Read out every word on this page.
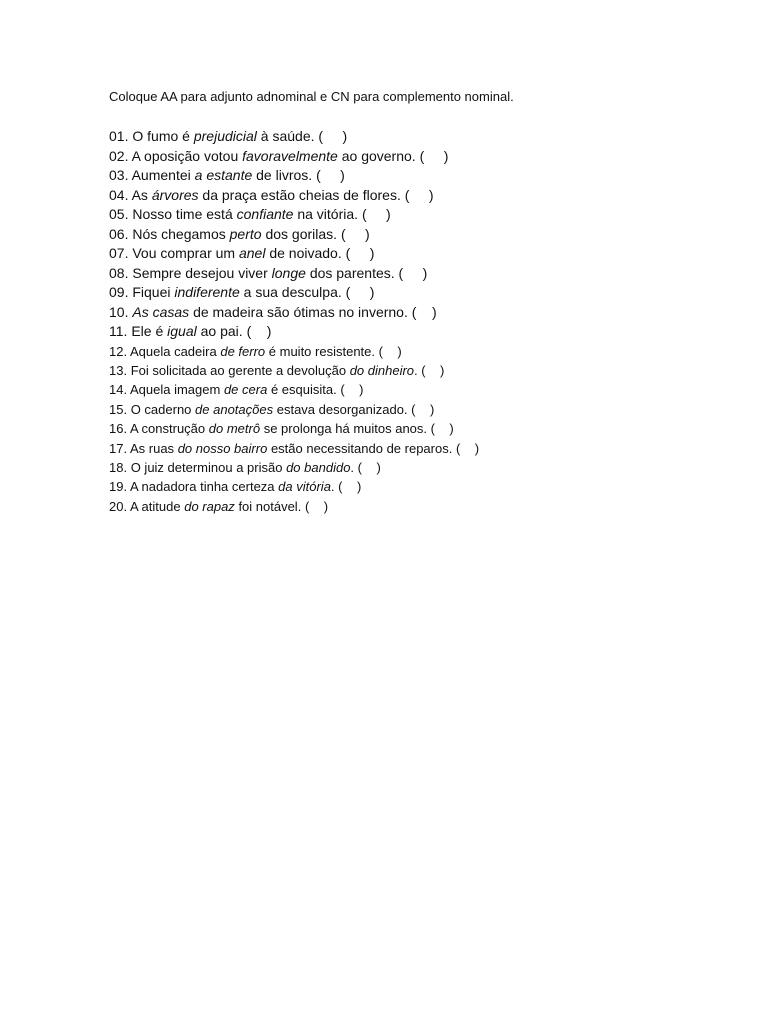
Coloque AA para adjunto adnominal e CN para complemento nominal.

01. O fumo é prejudicial à saúde. (     )
02. A oposição votou favoravelmente ao governo. (     )
03. Aumentei a estante de livros. (     )
04. As árvores da praça estão cheias de flores. (     )
05. Nosso time está confiante na vitória. (     )
06. Nós chegamos perto dos gorilas. (     )
07. Vou comprar um anel de noivado. (     )
08. Sempre desejou viver longe dos parentes. (     )
09. Fiquei indiferente a sua desculpa. (     )
10. As casas de madeira são ótimas no inverno. (    )
11. Ele é igual ao pai. (    )
12. Aquela cadeira de ferro é muito resistente. (    )
13. Foi solicitada ao gerente a devolução do dinheiro. (    )
14. Aquela imagem de cera é esquisita. (    )
15. O caderno de anotações estava desorganizado. (    )
16. A construção do metrô se prolonga há muitos anos. (    )
17. As ruas do nosso bairro estão necessitando de reparos. (    )
18. O juiz determinou a prisão do bandido. (    )
19. A nadadora tinha certeza da vitória. (    )
20. A atitude do rapaz foi notável. (    )
